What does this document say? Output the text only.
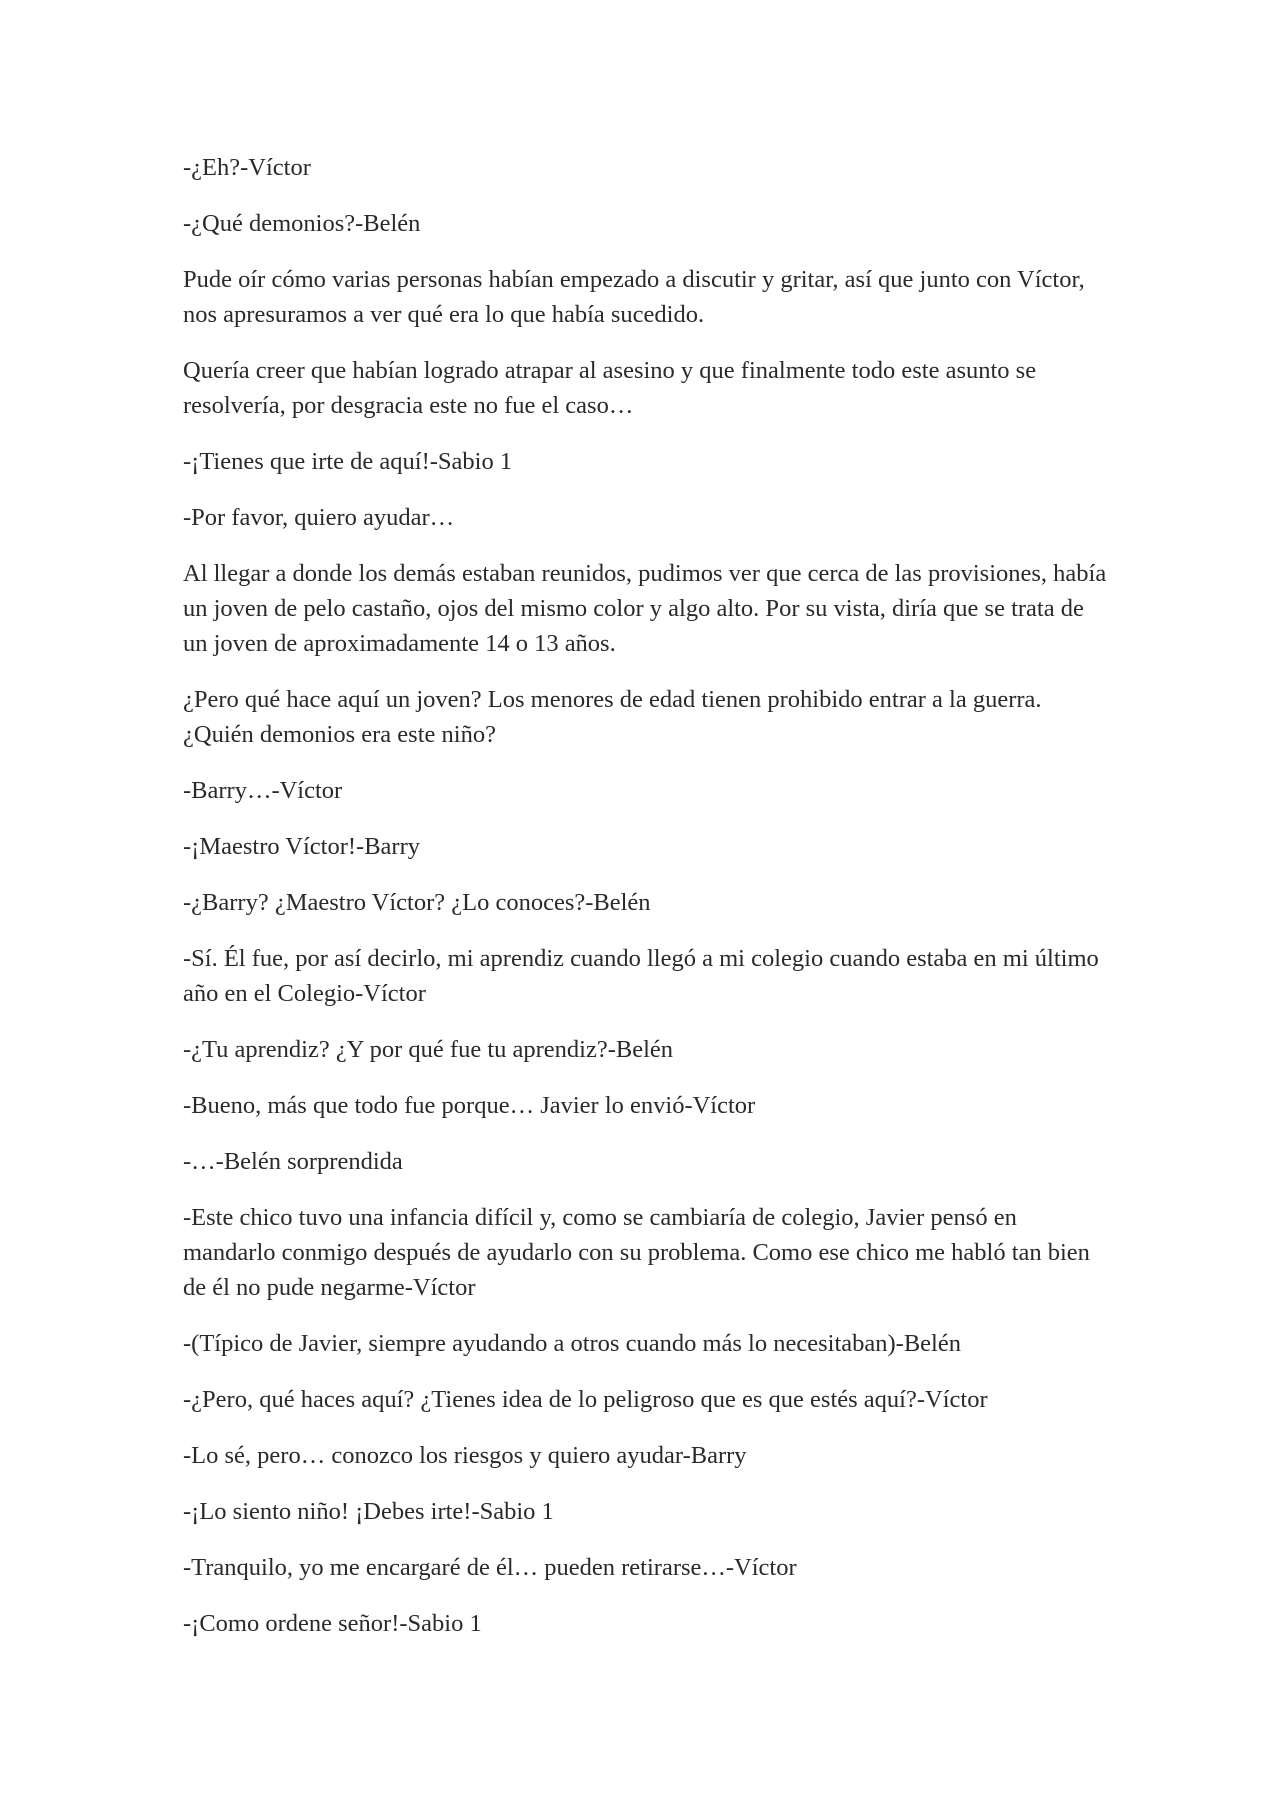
-¿Eh?-Víctor

-¿Qué demonios?-Belén

Pude oír cómo varias personas habían empezado a discutir y gritar, así que junto con Víctor, nos apresuramos a ver qué era lo que había sucedido.

Quería creer que habían logrado atrapar al asesino y que finalmente todo este asunto se resolvería, por desgracia este no fue el caso…

-¡Tienes que irte de aquí!-Sabio 1

-Por favor, quiero ayudar…

Al llegar a donde los demás estaban reunidos, pudimos ver que cerca de las provisiones, había un joven de pelo castaño, ojos del mismo color y algo alto. Por su vista, diría que se trata de un joven de aproximadamente 14 o 13 años.

¿Pero qué hace aquí un joven? Los menores de edad tienen prohibido entrar a la guerra. ¿Quién demonios era este niño?

-Barry…-Víctor

-¡Maestro Víctor!-Barry

-¿Barry? ¿Maestro Víctor? ¿Lo conoces?-Belén

-Sí. Él fue, por así decirlo, mi aprendiz cuando llegó a mi colegio cuando estaba en mi último año en el Colegio-Víctor

-¿Tu aprendiz? ¿Y por qué fue tu aprendiz?-Belén

-Bueno, más que todo fue porque… Javier lo envió-Víctor

-…-Belén sorprendida

-Este chico tuvo una infancia difícil y, como se cambiaría de colegio, Javier pensó en mandarlo conmigo después de ayudarlo con su problema. Como ese chico me habló tan bien de él no pude negarme-Víctor

-(Típico de Javier, siempre ayudando a otros cuando más lo necesitaban)-Belén

-¿Pero, qué haces aquí? ¿Tienes idea de lo peligroso que es que estés aquí?-Víctor

-Lo sé, pero… conozco los riesgos y quiero ayudar-Barry

-¡Lo siento niño! ¡Debes irte!-Sabio 1

-Tranquilo, yo me encargaré de él… pueden retirarse…-Víctor

-¡Como ordene señor!-Sabio 1
